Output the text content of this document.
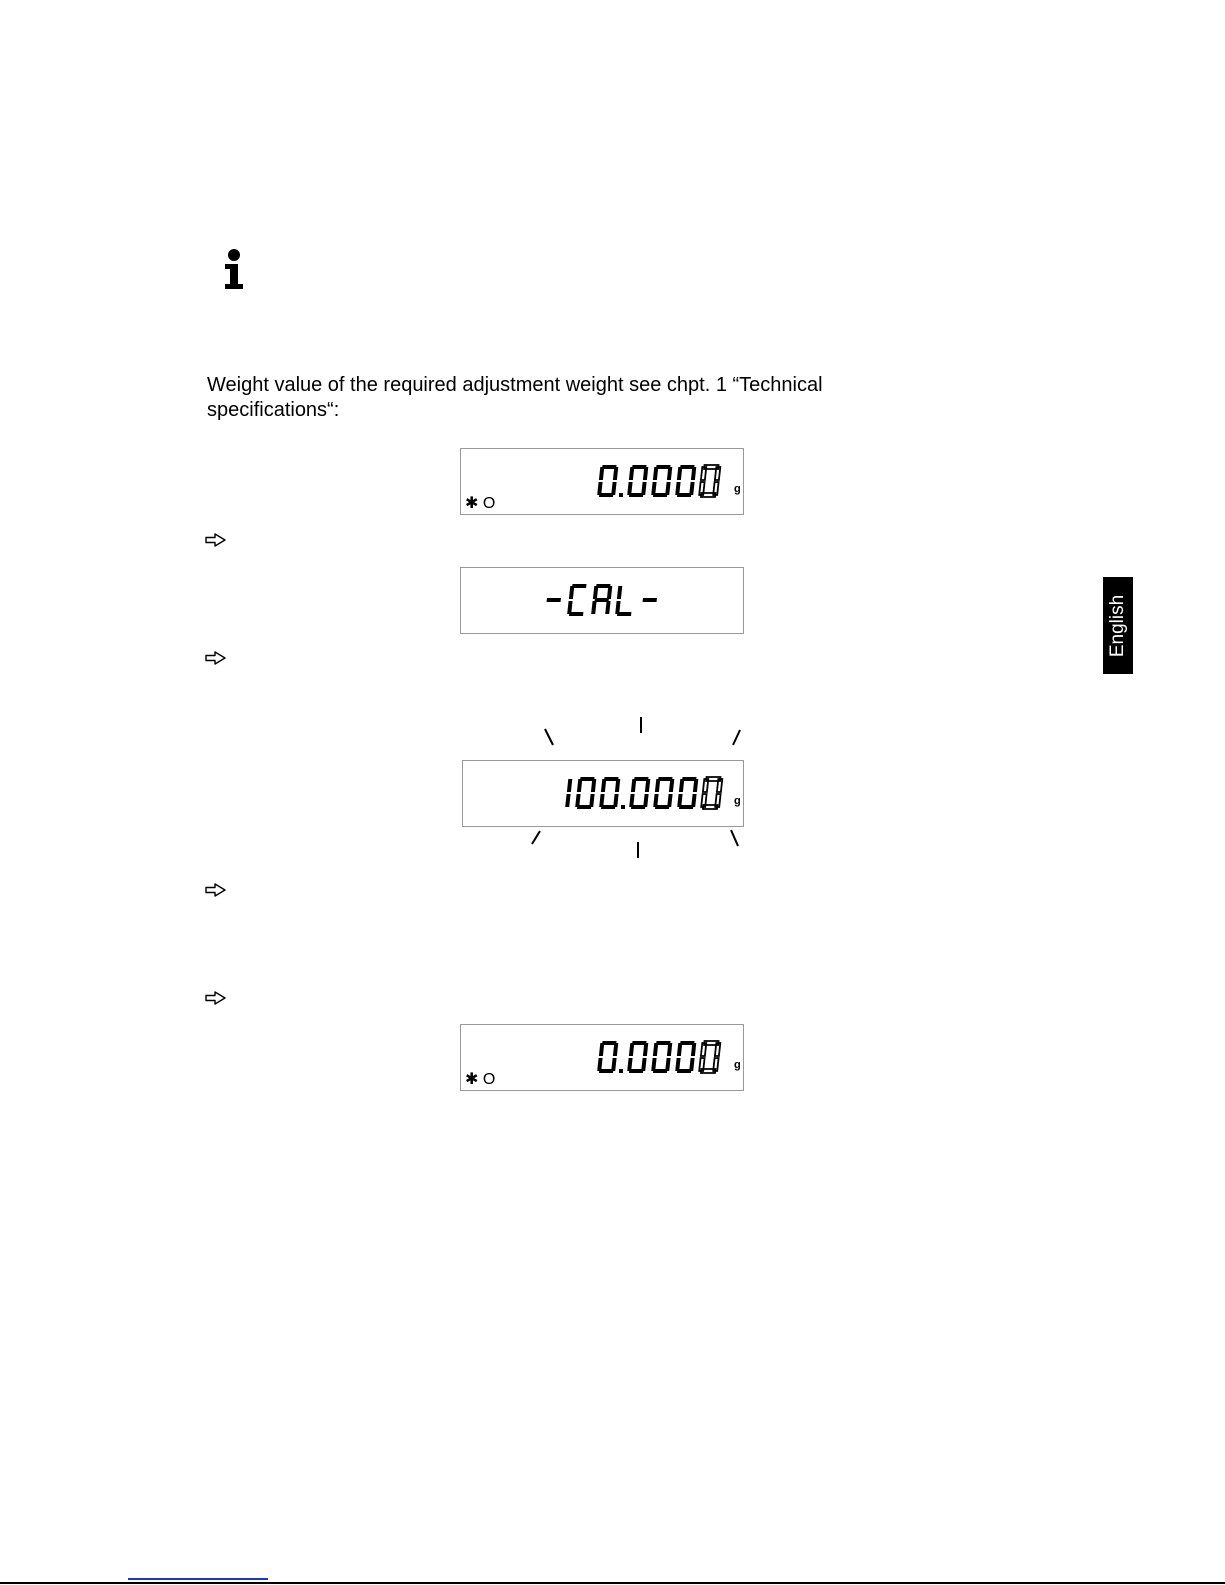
Weight value of the required adjustment weight see chpt. 1 “Technical
specifications“:
g
✱ O
g
g
✱ O
English
